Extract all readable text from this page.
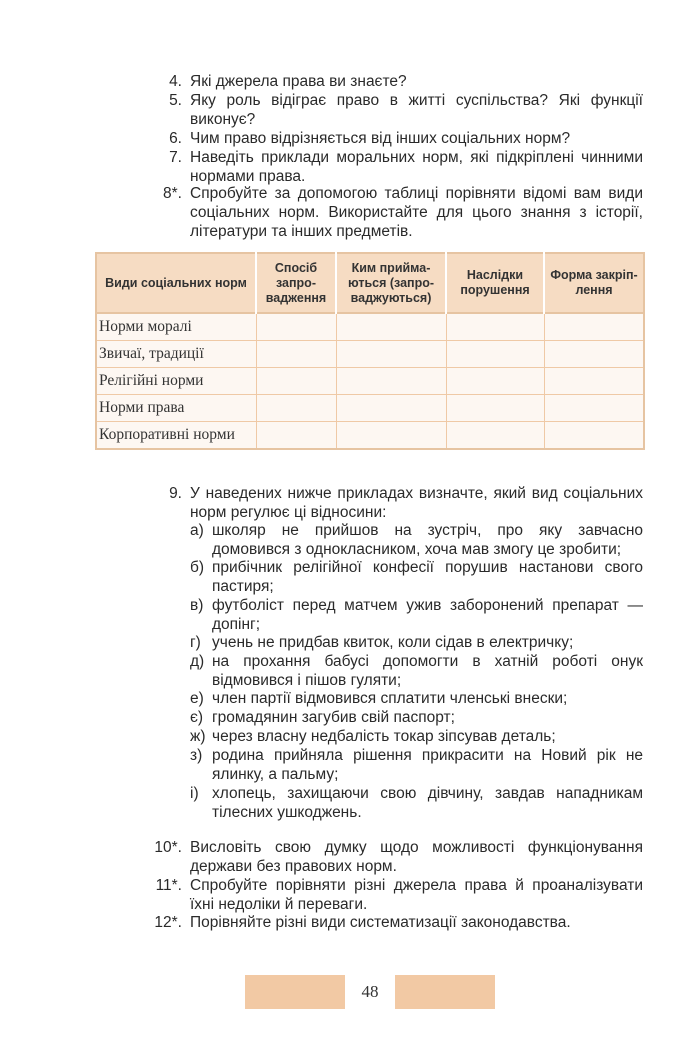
4. Які джерела права ви знаєте?
5. Яку роль відіграє право в житті суспільства? Які функції виконує?
6. Чим право відрізняється від інших соціальних норм?
7. Наведіть приклади моральних норм, які підкріплені чинними нормами права.
8*. Спробуйте за допомогою таблиці порівняти відомі вам види соціальних норм. Використайте для цього знання з історії, літератури та інших предметів.
Види соціальних норм	Спосіб запро-вадження	Ким прийма-ються (запро-ваджуються)	Наслідки порушення	Форма закріп-лення
Норми моралі				
Звичаї, традиції				
Релігійні норми				
Норми права				
Корпоративні норми				
9. У наведених нижче прикладах визначте, який вид соціальних норм регулює ці відносини:
а) школяр не прийшов на зустріч, про яку завчасно домовився з однокласником, хоча мав змогу це зробити;
б) прибічник релігійної конфесії порушив настанови свого пастиря;
в) футболіст перед матчем ужив заборонений препарат — допінг;
г) учень не придбав квиток, коли сідав в електричку;
д) на прохання бабусі допомогти в хатній роботі онук відмовився і пішов гуляти;
е) член партії відмовився сплатити членські внески;
є) громадянин загубив свій паспорт;
ж) через власну недбалість токар зіпсував деталь;
з) родина прийняла рішення прикрасити на Новий рік не ялинку, а пальму;
і) хлопець, захищаючи свою дівчину, завдав нападникам тілесних ушкоджень.
10*. Висловіть свою думку щодо можливості функціонування держави без правових норм.
11*. Спробуйте порівняти різні джерела права й проаналізувати їхні недоліки й переваги.
12*. Порівняйте різні види систематизації законодавства.
48
